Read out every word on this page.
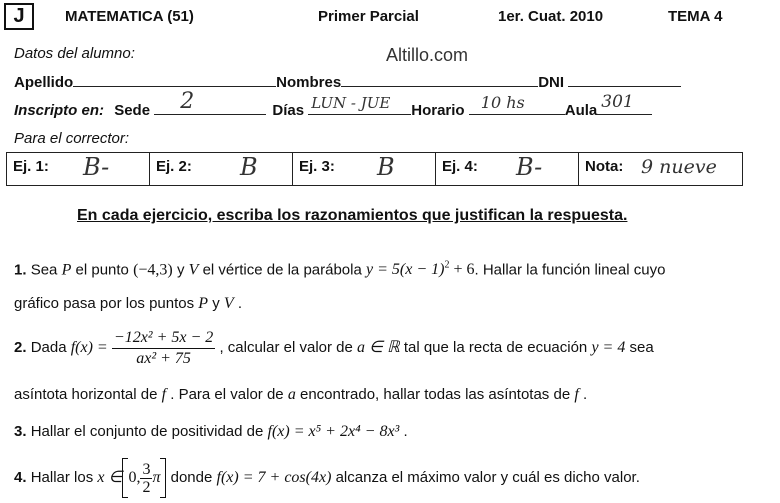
J	MATEMATICA (51)	Primer Parcial	1er. Cuat. 2010	TEMA 4
Altillo.com
Datos del alumno:
Apellido	Nombres	DNI
Inscripto en: Sede 2	Días LUN - JUE Horario 10 hs	Aula 301
Para el corrector:
Ej. 1: B-	Ej. 2: B	Ej. 3: B	Ej. 4: B-	Nota: 9 nueve
En cada ejercicio, escriba los razonamientos que justifican la respuesta.
1. Sea P el punto (−4,3) y V el vértice de la parábola $y = 5(x - 1)^2 + 6$. Hallar la función lineal cuyo
gráfico pasa por los puntos P y V .
2. Dada $f(x) = \frac{\text{−12x² + 5x − 2}}{\text{ax² + 75}}$ , calcular el valor de a ∈ ℝ tal que la recta de ecuación y = 4 sea
asíntota horizontal de f . Para el valor de a encontrado, hallar todas las asíntotas de f .
3. Hallar el conjunto de positividad de f(x) = x⁵ + 2x⁴ − 8x³ .
4. Hallar los x ∈ 0, $\frac{3}{2}$ π donde f(x) = 7 + cos(4x) alcanza el máximo valor y cuál es dicho valor.
